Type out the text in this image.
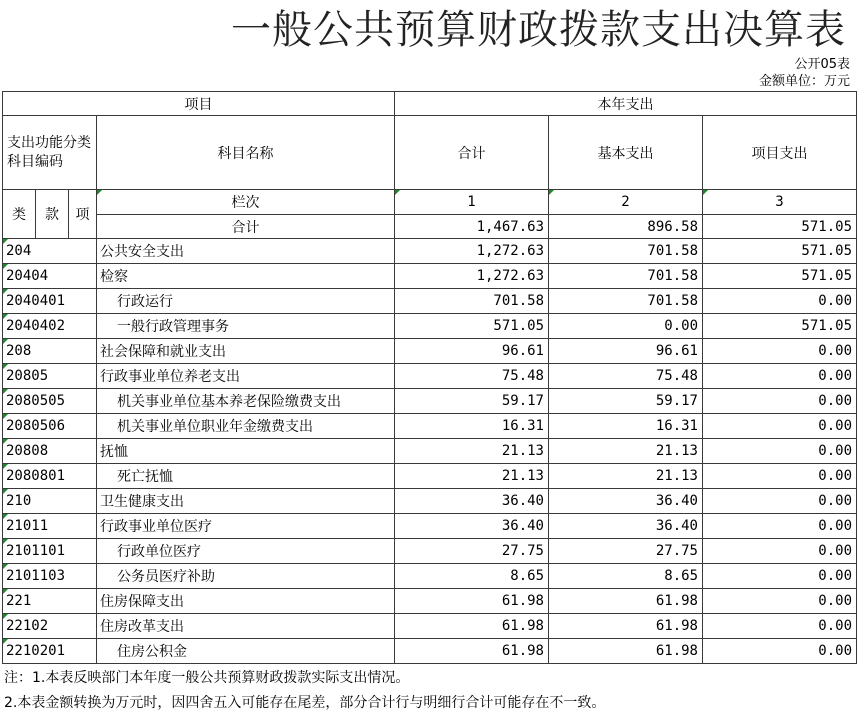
一般公共预算财政拨款支出决算表
公开05表
金额单位：万元
项目				本年支出		
支出功能分类科目编码			科目名称	合计	基本支出	项目支出

类	款	项	栏次	1	2	3
			合计	1,467.63	896.58	571.05
204			公共安全支出	1,272.63	701.58	571.05
20404			检察	1,272.63	701.58	571.05
2040401			行政运行	701.58	701.58	0.00
2040402			一般行政管理事务	571.05	0.00	571.05
208			社会保障和就业支出	96.61	96.61	0.00
20805			行政事业单位养老支出	75.48	75.48	0.00
2080505			机关事业单位基本养老保险缴费支出	59.17	59.17	0.00
2080506			机关事业单位职业年金缴费支出	16.31	16.31	0.00
20808			抚恤	21.13	21.13	0.00
2080801			死亡抚恤	21.13	21.13	0.00
210			卫生健康支出	36.40	36.40	0.00
21011			行政事业单位医疗	36.40	36.40	0.00
2101101			行政单位医疗	27.75	27.75	0.00
2101103			公务员医疗补助	8.65	8.65	0.00
221			住房保障支出	61.98	61.98	0.00
22102			住房改革支出	61.98	61.98	0.00
2210201			住房公积金	61.98	61.98	0.00
注：1.本表反映部门本年度一般公共预算财政拨款实际支出情况。
2.本表金额转换为万元时，因四舍五入可能存在尾差，部分合计行与明细行合计可能存在不一致。
